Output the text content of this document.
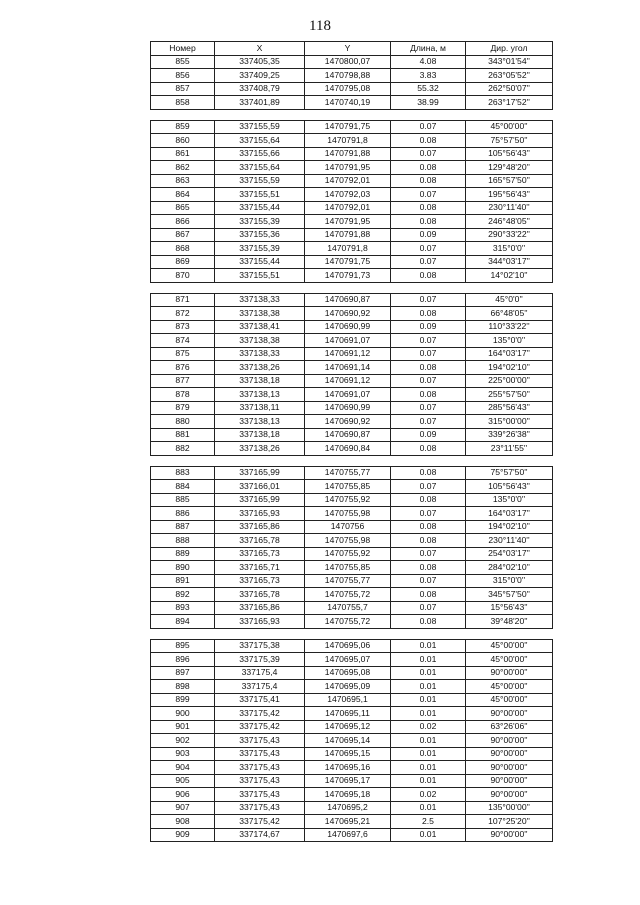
118
Номер	X	Y	Длина, м	Дир. угол
855	337405,35	1470800,07	4.08	343°01'54''
856	337409,25	1470798,88	3.83	263°05'52''
857	337408,79	1470795,08	55.32	262°50'07''
858	337401,89	1470740,19	38.99	263°17'52''

859	337155,59	1470791,75	0.07	45°00'00''
860	337155,64	1470791,8	0.08	75°57'50''
861	337155,66	1470791,88	0.07	105°56'43''
862	337155,64	1470791,95	0.08	129°48'20''
863	337155,59	1470792,01	0.08	165°57'50''
864	337155,51	1470792,03	0.07	195°56'43''
865	337155,44	1470792,01	0.08	230°11'40''
866	337155,39	1470791,95	0.08	246°48'05''
867	337155,36	1470791,88	0.09	290°33'22''
868	337155,39	1470791,8	0.07	315°0'0''
869	337155,44	1470791,75	0.07	344°03'17''
870	337155,51	1470791,73	0.08	14°02'10''

871	337138,33	1470690,87	0.07	45°0'0''
872	337138,38	1470690,92	0.08	66°48'05''
873	337138,41	1470690,99	0.09	110°33'22''
874	337138,38	1470691,07	0.07	135°0'0''
875	337138,33	1470691,12	0.07	164°03'17''
876	337138,26	1470691,14	0.08	194°02'10''
877	337138,18	1470691,12	0.07	225°00'00''
878	337138,13	1470691,07	0.08	255°57'50''
879	337138,11	1470690,99	0.07	285°56'43''
880	337138,13	1470690,92	0.07	315°00'00''
881	337138,18	1470690,87	0.09	339°26'38''
882	337138,26	1470690,84	0.08	23°11'55''

883	337165,99	1470755,77	0.08	75°57'50''
884	337166,01	1470755,85	0.07	105°56'43''
885	337165,99	1470755,92	0.08	135°0'0''
886	337165,93	1470755,98	0.07	164°03'17''
887	337165,86	1470756	0.08	194°02'10''
888	337165,78	1470755,98	0.08	230°11'40''
889	337165,73	1470755,92	0.07	254°03'17''
890	337165,71	1470755,85	0.08	284°02'10''
891	337165,73	1470755,77	0.07	315°0'0''
892	337165,78	1470755,72	0.08	345°57'50''
893	337165,86	1470755,7	0.07	15°56'43''
894	337165,93	1470755,72	0.08	39°48'20''

895	337175,38	1470695,06	0.01	45°00'00''
896	337175,39	1470695,07	0.01	45°00'00''
897	337175,4	1470695,08	0.01	90°00'00''
898	337175,4	1470695,09	0.01	45°00'00''
899	337175,41	1470695,1	0.01	45°00'00''
900	337175,42	1470695,11	0.01	90°00'00''
901	337175,42	1470695,12	0.02	63°26'06''
902	337175,43	1470695,14	0.01	90°00'00''
903	337175,43	1470695,15	0.01	90°00'00''
904	337175,43	1470695,16	0.01	90°00'00''
905	337175,43	1470695,17	0.01	90°00'00''
906	337175,43	1470695,18	0.02	90°00'00''
907	337175,43	1470695,2	0.01	135°00'00''
908	337175,42	1470695,21	2.5	107°25'20''
909	337174,67	1470697,6	0.01	90°00'00''
